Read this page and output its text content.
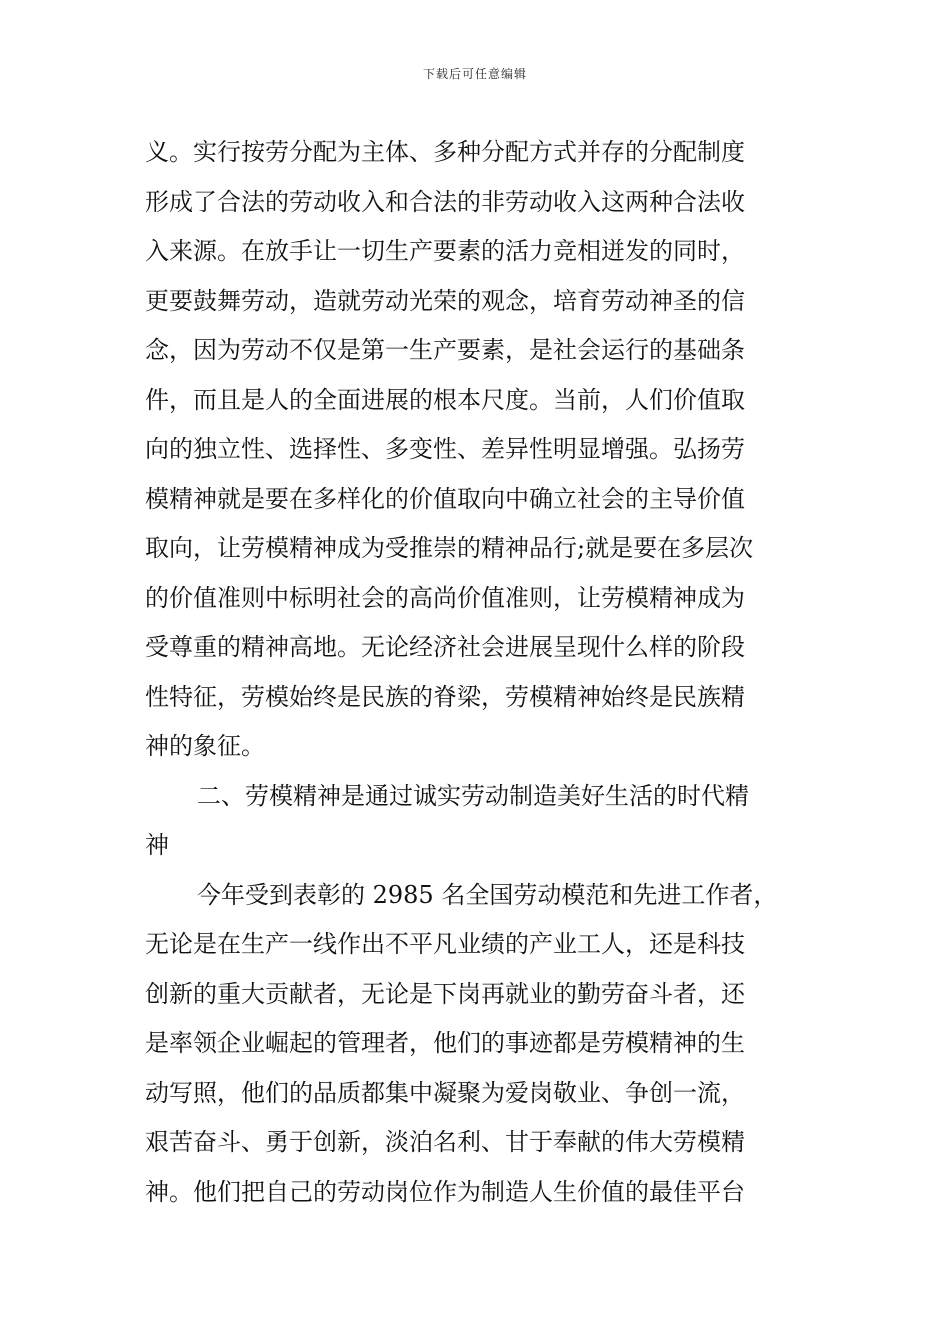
下载后可任意编辑
义。实行按劳分配为主体、多种分配方式并存的分配制度
形成了合法的劳动收入和合法的非劳动收入这两种合法收
入来源。在放手让一切生产要素的活力竞相迸发的同时，
更要鼓舞劳动，造就劳动光荣的观念，培育劳动神圣的信
念，因为劳动不仅是第一生产要素，是社会运行的基础条
件，而且是人的全面进展的根本尺度。当前，人们价值取
向的独立性、选择性、多变性、差异性明显增强。弘扬劳
模精神就是要在多样化的价值取向中确立社会的主导价值
取向，让劳模精神成为受推崇的精神品行;就是要在多层次
的价值准则中标明社会的高尚价值准则，让劳模精神成为
受尊重的精神高地。无论经济社会进展呈现什么样的阶段
性特征，劳模始终是民族的脊梁，劳模精神始终是民族精
神的象征。
二、劳模精神是通过诚实劳动制造美好生活的时代精
神
今年受到表彰的 2985 名全国劳动模范和先进工作者，
无论是在生产一线作出不平凡业绩的产业工人，还是科技
创新的重大贡献者，无论是下岗再就业的勤劳奋斗者，还
是率领企业崛起的管理者，他们的事迹都是劳模精神的生
动写照，他们的品质都集中凝聚为爱岗敬业、争创一流，
艰苦奋斗、勇于创新，淡泊名利、甘于奉献的伟大劳模精
神。他们把自己的劳动岗位作为制造人生价值的最佳平台
